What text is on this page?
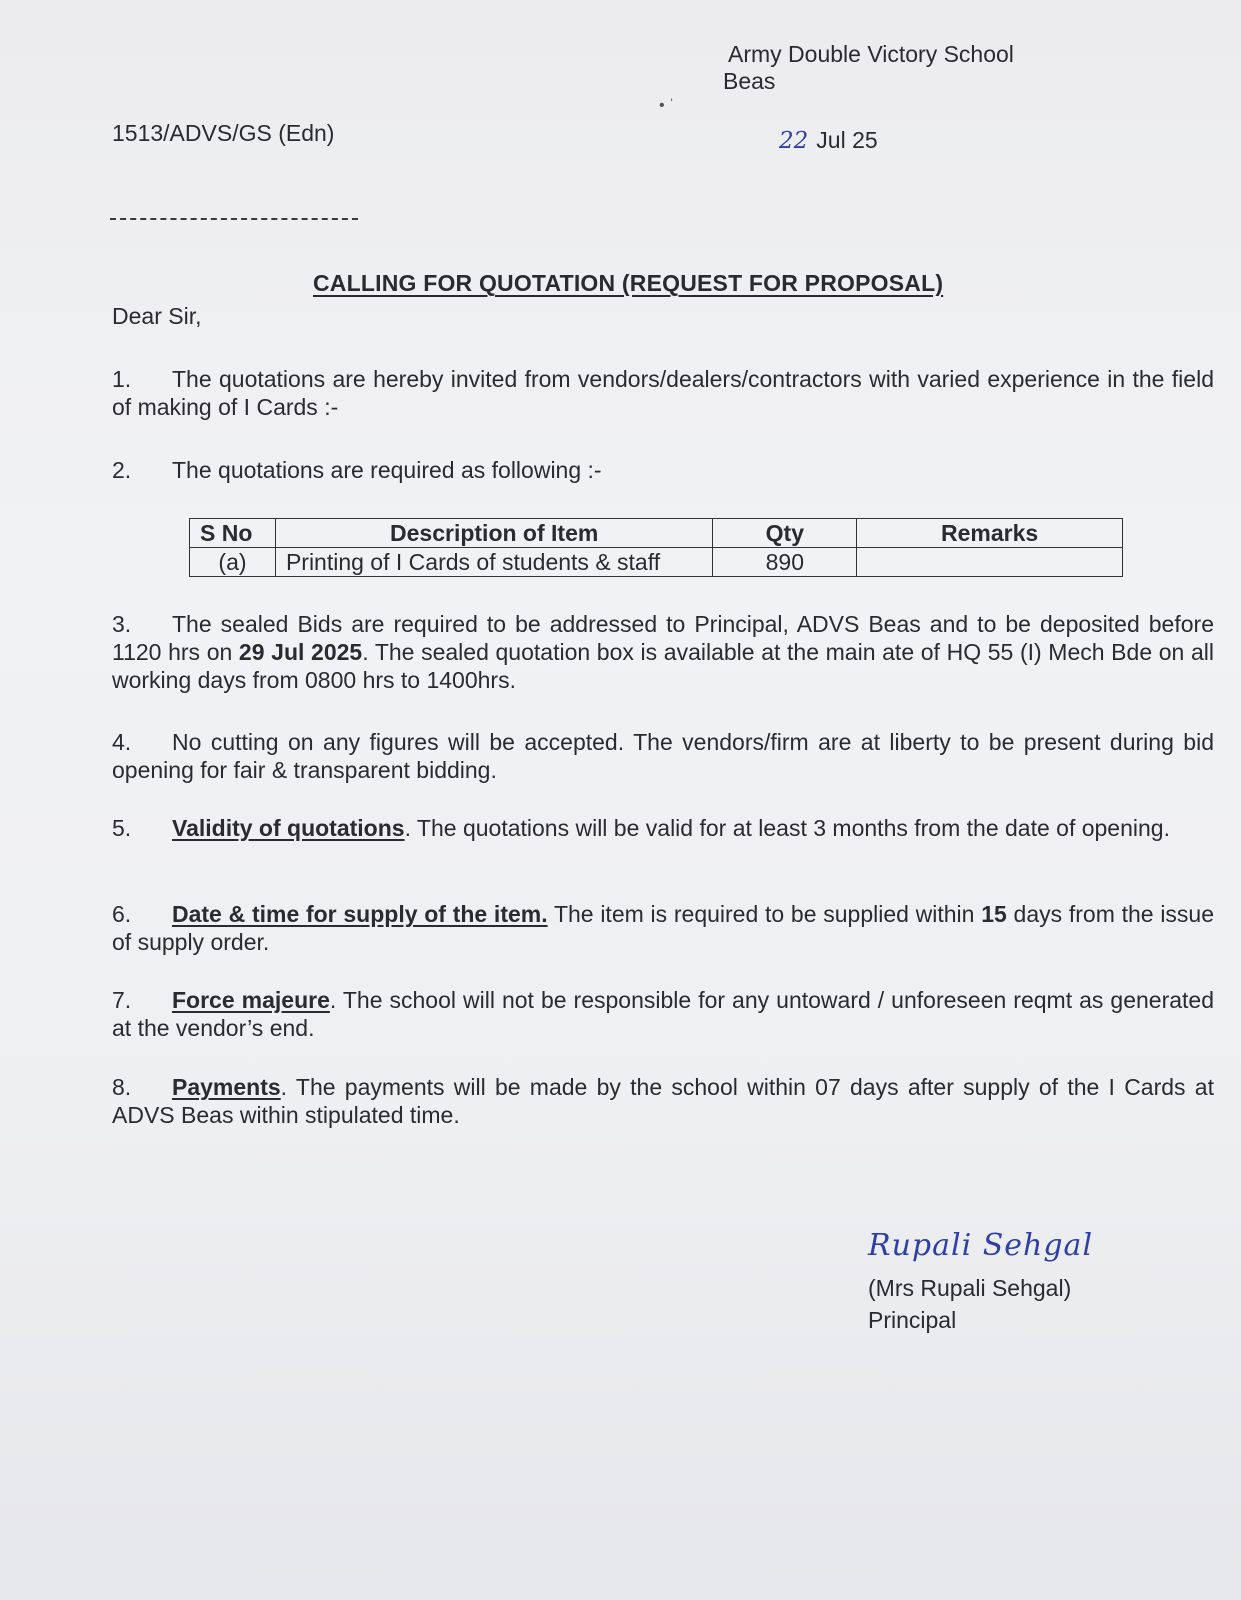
• ˈ
Army Double Victory School
Beas
1513/ADVS/GS (Edn)	22 Jul 25
CALLING FOR QUOTATION (REQUEST FOR PROPOSAL)
Dear Sir,
1. The quotations are hereby invited from vendors/dealers/contractors with varied experience in the field of making of I Cards :-
2. The quotations are required as following :-
S No	Description of Item	Qty	Remarks
(a)	Printing of I Cards of students & staff	890	
3. The sealed Bids are required to be addressed to Principal, ADVS Beas and to be deposited before 1120 hrs on 29 Jul 2025. The sealed quotation box is available at the main ate of HQ 55 (I) Mech Bde on all working days from 0800 hrs to 1400hrs.
4. No cutting on any figures will be accepted. The vendors/firm are at liberty to be present during bid opening for fair & transparent bidding.
5. Validity of quotations. The quotations will be valid for at least 3 months from the date of opening.
6. Date & time for supply of the item. The item is required to be supplied within 15 days from the issue of supply order.
7. Force majeure. The school will not be responsible for any untoward / unforeseen reqmt as generated at the vendor’s end.
8. Payments. The payments will be made by the school within 07 days after supply of the I Cards at ADVS Beas within stipulated time.
Rupali Sehgal
(Mrs Rupali Sehgal)
Principal
